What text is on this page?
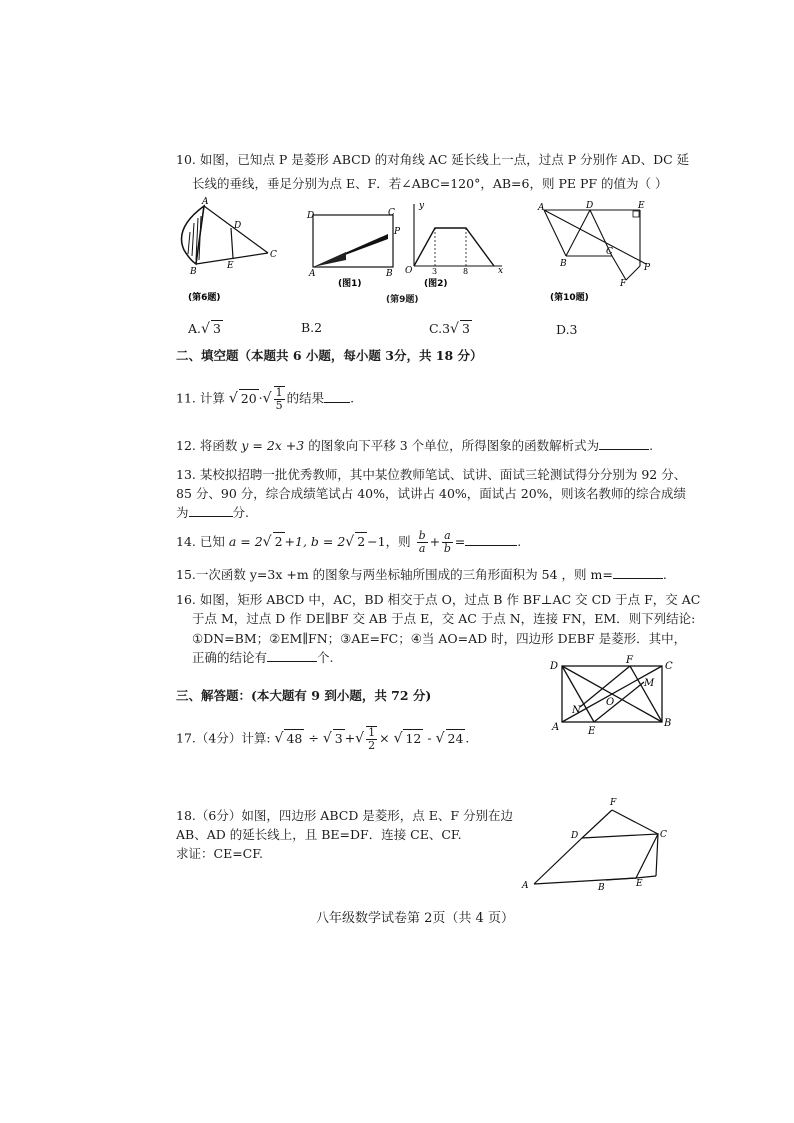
10. 如图，已知点 P 是菱形 ABCD 的对角线 AC 延长线上一点，过点 P 分别作 AD、DC 延
长线的垂线，垂足分别为点 E、F．若∠ABC=120°，AB=6，则 PE PF 的值为（ ）
A
B
C
D
E
(第6题)
D	C
P
A	B
(图1)
y
O 3	8	x
(图2)
(第9题)
A	D	E
B
C
F
P
(第10题)
A.√ 3	B.2	C.3√ 3	D.3
二、填空题（本题共 6 小题，每小题 3分，共 18 分）
11. 计算 √ 20 ·√ $\frac{1}{5}$ 的结果 .
12. 将函数 y = 2x +3 的图象向下平移 3 个单位，所得图象的函数解析式为	.
13. 某校拟招聘一批优秀教师，其中某位教师笔试、试讲、面试三轮测试得分分别为 92 分、
85 分、90 分，综合成绩笔试占 40%，试讲占 40%，面试占 20%，则该名教师的综合成绩
为	分.
14. 已知 a = 2√ 2 +1, b = 2√ 2 −1，则 $\frac{b}{a} + \frac{a}{b}$ =	.
15.一次函数 y=3x +m 的图象与两坐标轴所围成的三角形面积为 54 ，则 m=	.
16. 如图，矩形 ABCD 中，AC，BD 相交于点 O，过点 B 作 BF⊥AC 交 CD 于点 F，交 AC
于点 M，过点 D 作 DE∥BF 交 AB 于点 E，交 AC 于点 N，连接 FN，EM．则下列结论:
①DN=BM；②EM∥FN；③AE=FC；④当 AO=AD 时，四边形 DEBF 是菱形．其中，
正确的结论有	个.
D
F
C
M
O
N
A	E
B
三、解答题：(本大题有 9 到小题，共 72 分)
17.（4分）计算: √ 48 ÷ √ 3 +√ $\frac{1}{2}$ × √ 12 - √ 24 .
18.（6分）如图，四边形 ABCD 是菱形，点 E、F 分别在边
AB、AD 的延长线上，且 BE=DF．连接 CE、CF.
求证：CE=CF.
F
D	C
A	B	E
八年级数学试卷第 2页（共 4 页）
